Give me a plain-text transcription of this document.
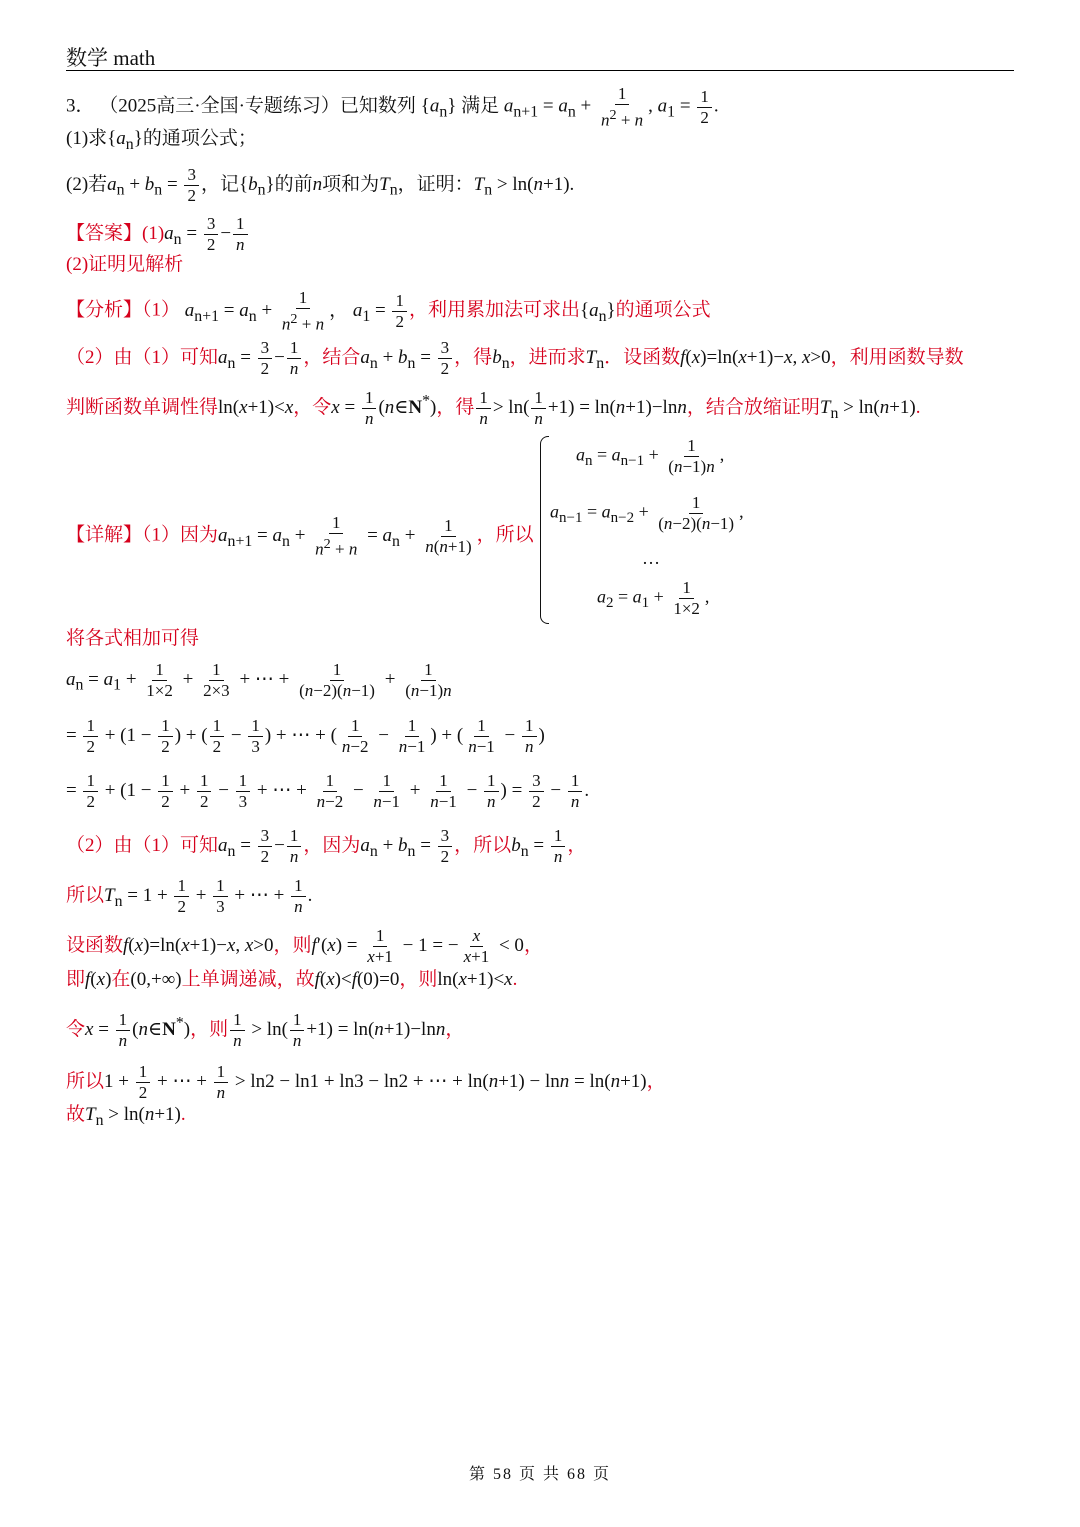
数学 math
3． （2025高三·全国·专题练习）已知数列 $\{a_n\}$ 满足 $a_{n+1} = a_n + \frac{1}{n^2 + n}$ , $a_1 = \frac{1}{2}$ .
(1)求$\{a_n\}$的通项公式；
(2)若$a_n + b_n = \frac{3}{2}$ ，记$\{b_n\}$的前n项和为$T_n$，证明：$T_n > \ln(n+1)$.
【答案】$(1)a_n = \frac{3}{2} - \frac{1}{n}$
(2)证明见解析
【分析】（1） $a_{n+1} = a_n + \frac{1}{n^2 + n}$ ， $a_1 = \frac{1}{2}$ ，利用累加法可求出$\{a_n\}$的通项公式
（2）由（1）可知$a_n = \frac{3}{2} - \frac{1}{n}$ ，结合$a_n + b_n = \frac{3}{2}$ ，得$b_n$，进而求$T_n$．设函数f(x)=ln(x+1)−x, x>0，利用函数导数
判断函数单调性得ln(x+1)<x，令$x = \frac{1}{n}$ (n∈N*)，得 $\frac{1}{n} > \ln( \frac{1}{n} +1) = \ln(n+1)-\ln n$，结合放缩证明$T_n > \ln(n+1)$.
【详解】（1）因为$a_{n+1} = a_n + \frac{1}{n^2 + n} = a_n + \frac{1}{n(n+1)}$ ，所以
$a_n = a_{n-1} + \frac{1}{(n-1)n}$ ,
$a_{n-1} = a_{n-2} + \frac{1}{(n-2)(n-1)}$ ,
…
$a_2 = a_1 + \frac{1}{1\times 2}$ ,
将各式相加可得
$a_n = a_1 + \frac{1}{1\times 2} + \frac{1}{2\times 3}$ + ⋯ + $\frac{1}{(n-2)(n-1)} + \frac{1}{(n-1)n}$
= $\frac{1}{2} + (1 - \frac{1}{2}$ ) + ( $\frac{1}{2} - \frac{1}{3}$ ) + ⋯ + ( $\frac{1}{n-2} - \frac{1}{n-1}$ ) + ( $\frac{1}{n-1} - \frac{1}{n}$ )
= $\frac{1}{2} + (1 - \frac{1}{2} + \frac{1}{2} - \frac{1}{3}$ + ⋯ + $\frac{1}{n-2} - \frac{1}{n-1} + \frac{1}{n-1} - \frac{1}{n}$ ) = $\frac{3}{2} - \frac{1}{n}$ .
（2）由（1）可知$a_n = \frac{3}{2} - \frac{1}{n}$ ，因为$a_n + b_n = \frac{3}{2}$ ，所以$b_n = \frac{1}{n}$ ，
所以$T_n = 1 + \frac{1}{2} + \frac{1}{3}$ + ⋯ + $\frac{1}{n}$ .
设函数f(x)=ln(x+1)−x, x>0，则$f'(x) = \frac{1}{x+1} - 1$ = − $\frac{x}{x+1} < 0$，
即f(x)在(0,+∞)上单调递减，故f(x)<f(0)=0，则ln(x+1)<x.
令$x = \frac{1}{n}$ (n∈N*)，则 $\frac{1}{n} > \ln( \frac{1}{n} +1) = \ln(n+1)-\ln n$，
所以$1 + \frac{1}{2}$ + ⋯ + $\frac{1}{n} > \ln 2 - \ln 1 + \ln 3 - \ln 2$ + ⋯ + ln(n+1) − lnn = ln(n+1)，
故$T_n > \ln(n+1)$.
第 58 页 共 68 页
